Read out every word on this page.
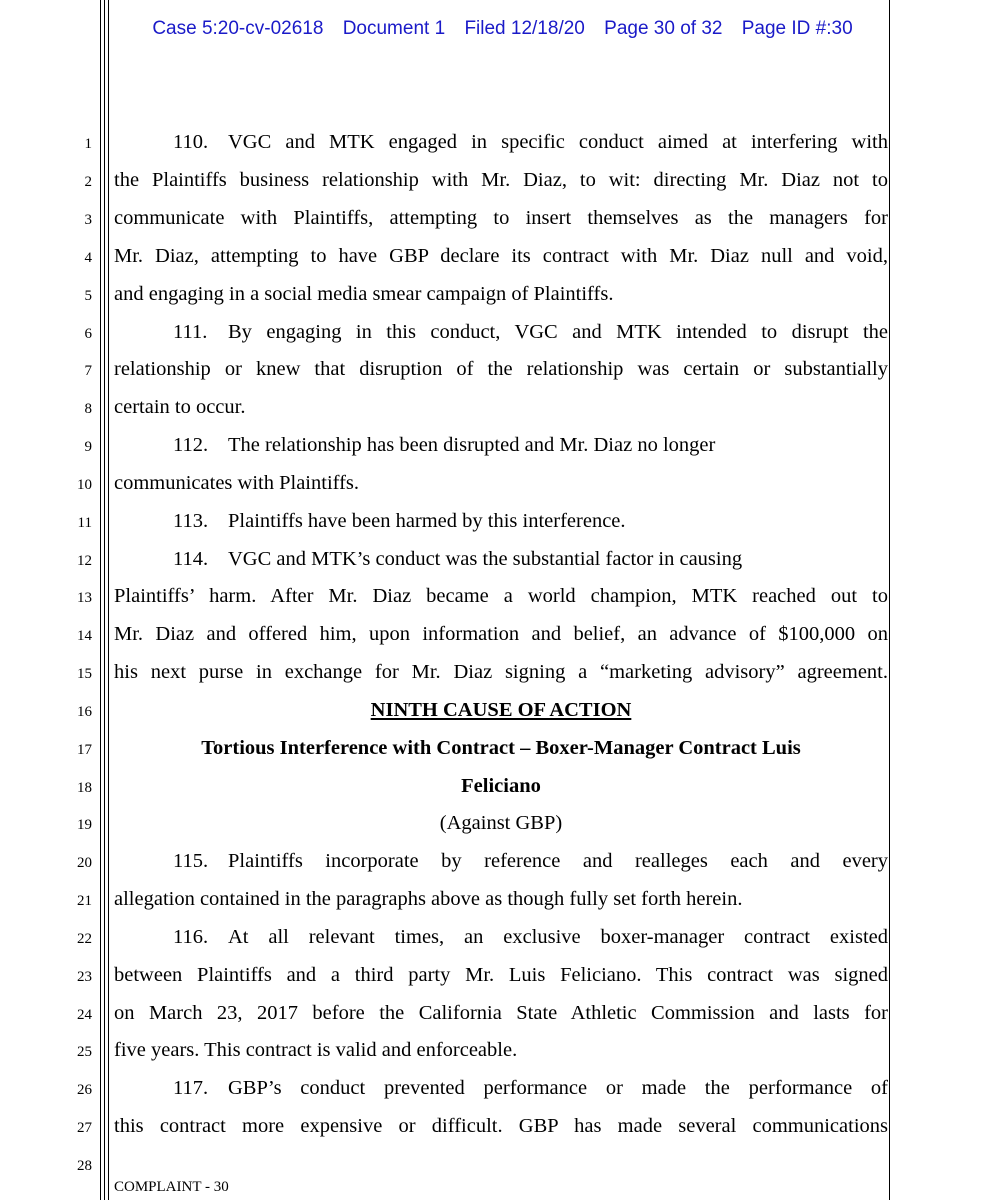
Case 5:20-cv-02618 Document 1 Filed 12/18/20 Page 30 of 32 Page ID #:30
1
2
3
4
5
6
7
8
9
10
11
12
13
14
15
16
17
18
19
20
21
22
23
24
25
26
27
28
110. VGC and MTK engaged in specific conduct aimed at interfering with
the Plaintiffs business relationship with Mr. Diaz, to wit: directing Mr. Diaz not to
communicate with Plaintiffs, attempting to insert themselves as the managers for
Mr. Diaz, attempting to have GBP declare its contract with Mr. Diaz null and void,
and engaging in a social media smear campaign of Plaintiffs.
111. By engaging in this conduct, VGC and MTK intended to disrupt the
relationship or knew that disruption of the relationship was certain or substantially
certain to occur.
112. The relationship has been disrupted and Mr. Diaz no longer
communicates with Plaintiffs.
113. Plaintiffs have been harmed by this interference.
114. VGC and MTK’s conduct was the substantial factor in causing
Plaintiffs’ harm. After Mr. Diaz became a world champion, MTK reached out to
Mr. Diaz and offered him, upon information and belief, an advance of $100,000 on
his next purse in exchange for Mr. Diaz signing a “marketing advisory” agreement.
NINTH CAUSE OF ACTION
Tortious Interference with Contract – Boxer-Manager Contract Luis
Feliciano
(Against GBP)
115. Plaintiffs incorporate by reference and realleges each and every
allegation contained in the paragraphs above as though fully set forth herein.
116. At all relevant times, an exclusive boxer-manager contract existed
between Plaintiffs and a third party Mr. Luis Feliciano. This contract was signed
on March 23, 2017 before the California State Athletic Commission and lasts for
five years. This contract is valid and enforceable.
117. GBP’s conduct prevented performance or made the performance of
this contract more expensive or difficult. GBP has made several communications
COMPLAINT - 30
